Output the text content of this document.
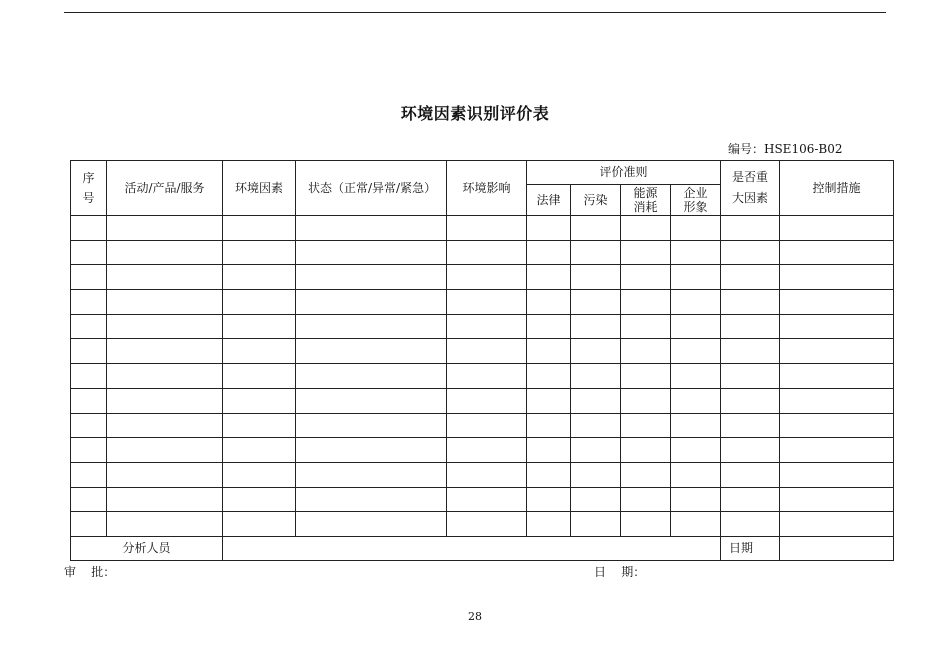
环境因素识别评价表
编号：HSE106-B02
序号	活动/产品/服务	环境因素	状态（正常/异常/紧急）	环境影响	评价准则				是否重大因素	控制措施
					法律	污染	能源消耗	企业形象		

分析人员									日期	
审    批：	日    期：
28
